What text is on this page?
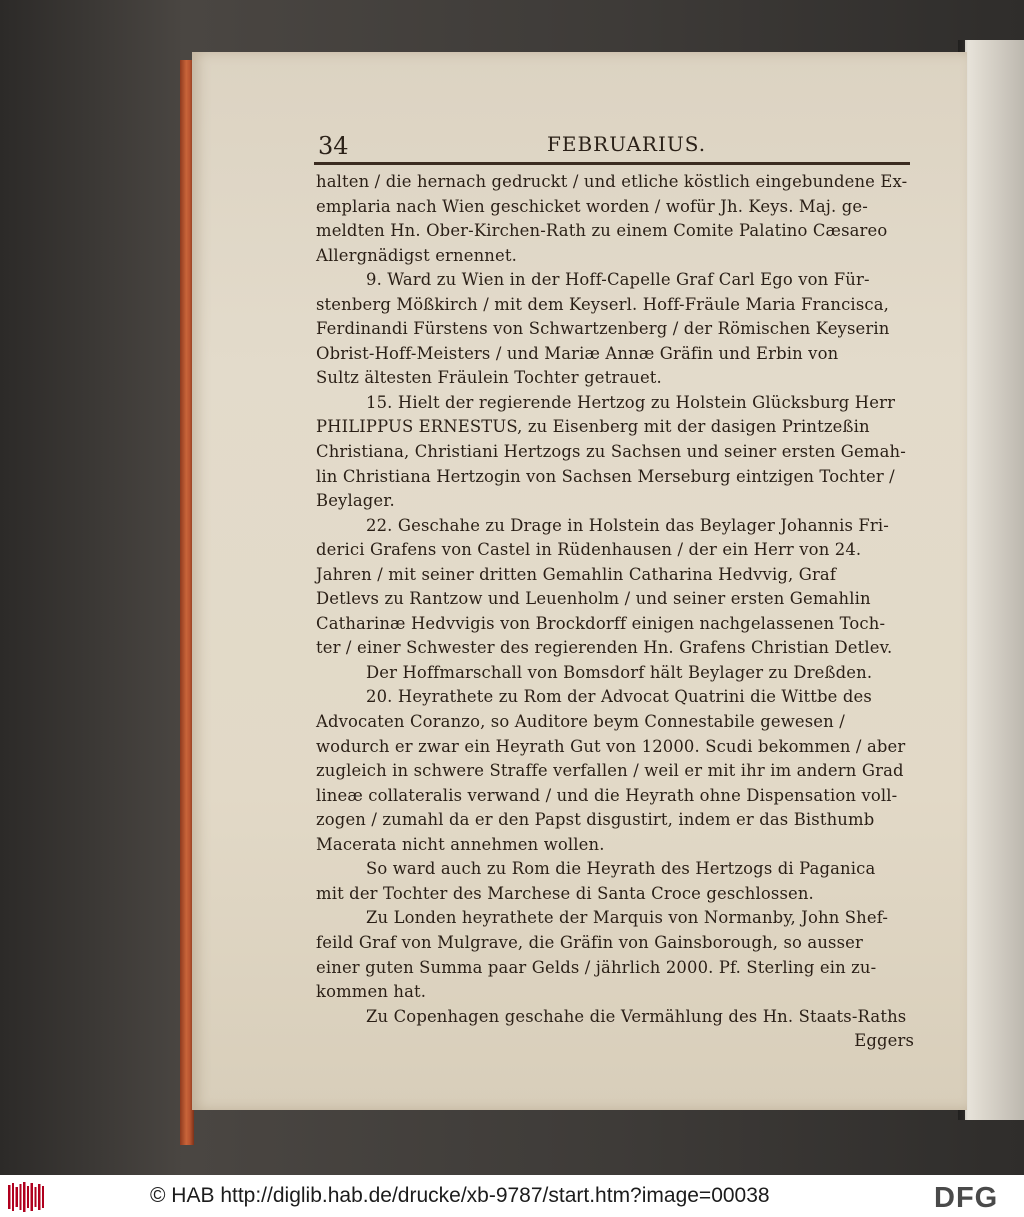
34	FEBRUARIUS.
halten / die hernach gedruckt / und etliche köstlich eingebundene Ex-
emplaria nach Wien geschicket worden / wofür Jh. Keys. Maj. ge-
meldten Hn. Ober-Kirchen-Rath zu einem Comite Palatino Cæsareo
Allergnädigst ernennet.
9. Ward zu Wien in der Hoff-Capelle Graf Carl Ego von Für-
stenberg Mößkirch / mit dem Keyserl. Hoff-Fräule Maria Francisca,
Ferdinandi Fürstens von Schwartzenberg / der Römischen Keyserin
Obrist-Hoff-Meisters / und Mariæ Annæ Gräfin und Erbin von
Sultz ältesten Fräulein Tochter getrauet.
15. Hielt der regierende Hertzog zu Holstein Glücksburg Herr
PHILIPPUS ERNESTUS, zu Eisenberg mit der dasigen Printzeßin
Christiana, Christiani Hertzogs zu Sachsen und seiner ersten Gemah-
lin Christiana Hertzogin von Sachsen Merseburg eintzigen Tochter /
Beylager.
22. Geschahe zu Drage in Holstein das Beylager Johannis Fri-
derici Grafens von Castel in Rüdenhausen / der ein Herr von 24.
Jahren / mit seiner dritten Gemahlin Catharina Hedvvig, Graf
Detlevs zu Rantzow und Leuenholm / und seiner ersten Gemahlin
Catharinæ Hedvvigis von Brockdorff einigen nachgelassenen Toch-
ter / einer Schwester des regierenden Hn. Grafens Christian Detlev.
Der Hoffmarschall von Bomsdorf hält Beylager zu Dreßden.
20. Heyrathete zu Rom der Advocat Quatrini die Wittbe des
Advocaten Coranzo, so Auditore beym Connestabile gewesen /
wodurch er zwar ein Heyrath Gut von 12000. Scudi bekommen / aber
zugleich in schwere Straffe verfallen / weil er mit ihr im andern Grad
lineæ collateralis verwand / und die Heyrath ohne Dispensation voll-
zogen / zumahl da er den Papst disgustirt, indem er das Bisthumb
Macerata nicht annehmen wollen.
So ward auch zu Rom die Heyrath des Hertzogs di Paganica
mit der Tochter des Marchese di Santa Croce geschlossen.
Zu Londen heyrathete der Marquis von Normanby, John Shef-
feild Graf von Mulgrave, die Gräfin von Gainsborough, so ausser
einer guten Summa paar Gelds / jährlich 2000. Pf. Sterling ein zu-
kommen hat.
Zu Copenhagen geschahe die Vermählung des Hn. Staats-Raths
Eggers
© HAB http://diglib.hab.de/drucke/xb-9787/start.htm?image=00038	DFG
